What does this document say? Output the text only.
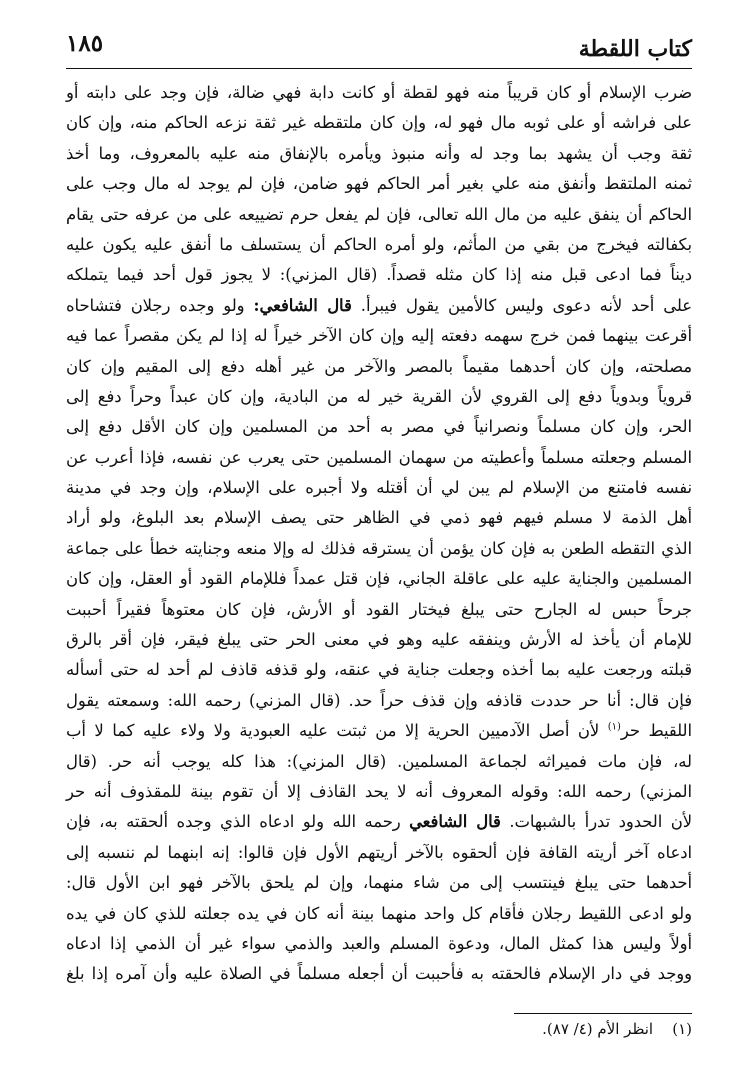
كتاب اللقطة
١٨٥
ضرب الإسلام أو كان قريباً منه فهو لقطة أو كانت دابة فهي ضالة، فإن وجد على دابته أو
على فراشه أو على ثوبه مال فهو له، وإن كان ملتقطه غير ثقة نزعه الحاكم منه، وإن كان
ثقة وجب أن يشهد بما وجد له وأنه منبوذ ويأمره بالإنفاق منه عليه بالمعروف، وما أخذ
ثمنه الملتقط وأنفق منه علي بغير أمر الحاكم فهو ضامن، فإن لم يوجد له مال وجب على
الحاكم أن ينفق عليه من مال الله تعالى، فإن لم يفعل حرم تضييعه على من عرفه حتى يقام
بكفالته فيخرج من بقي من المأثم، ولو أمره الحاكم أن يستسلف ما أنفق عليه يكون عليه
ديناً فما ادعى قبل منه إذا كان مثله قصداً. (قال المزني): لا يجوز قول أحد فيما يتملكه
على أحد لأنه دعوى وليس كالأمين يقول فيبرأ. قال الشافعي: ولو وجده رجلان فتشاحاه
أقرعت بينهما فمن خرج سهمه دفعته إليه وإن كان الآخر خيراً له إذا لم يكن مقصراً عما فيه
مصلحته، وإن كان أحدهما مقيماً بالمصر والآخر من غير أهله دفع إلى المقيم وإن كان
قروياً وبدوياً دفع إلى القروي لأن القرية خير له من البادية، وإن كان عبداً وحراً دفع إلى
الحر، وإن كان مسلماً ونصرانياً في مصر به أحد من المسلمين وإن كان الأقل دفع إلى
المسلم وجعلته مسلماً وأعطيته من سهمان المسلمين حتى يعرب عن نفسه، فإذا أعرب عن
نفسه فامتنع من الإسلام لم يبن لي أن أقتله ولا أجبره على الإسلام، وإن وجد في مدينة
أهل الذمة لا مسلم فيهم فهو ذمي في الظاهر حتى يصف الإسلام بعد البلوغ، ولو أراد
الذي التقطه الطعن به فإن كان يؤمن أن يسترقه فذلك له وإلا منعه وجنايته خطأ على جماعة
المسلمين والجناية عليه على عاقلة الجاني، فإن قتل عمداً فللإمام القود أو العقل، وإن كان
جرحاً حبس له الجارح حتى يبلغ فيختار القود أو الأرش، فإن كان معتوهاً فقيراً أحببت
للإمام أن يأخذ له الأرش وينفقه عليه وهو في معنى الحر حتى يبلغ فيقر، فإن أقر بالرق
قبلته ورجعت عليه بما أخذه وجعلت جناية في عنقه، ولو قذفه قاذف لم أحد له حتى أسأله
فإن قال: أنا حر حددت قاذفه وإن قذف حراً حد. (قال المزني) رحمه الله: وسمعته يقول
اللقيط حر$^{(١)}$ لأن أصل الآدميين الحرية إلا من ثبتت عليه العبودية ولا ولاء عليه كما لا أب
له، فإن مات فميراثه لجماعة المسلمين. (قال المزني): هذا كله يوجب أنه حر. (قال
المزني) رحمه الله: وقوله المعروف أنه لا يحد القاذف إلا أن تقوم بينة للمقذوف أنه حر
لأن الحدود تدرأ بالشبهات. قال الشافعي رحمه الله ولو ادعاه الذي وجده ألحقته به، فإن
ادعاه آخر أريته القافة فإن ألحقوه بالآخر أريتهم الأول فإن قالوا: إنه ابنهما لم ننسبه إلى
أحدهما حتى يبلغ فينتسب إلى من شاء منهما، وإن لم يلحق بالآخر فهو ابن الأول قال:
ولو ادعى اللقيط رجلان فأقام كل واحد منهما بينة أنه كان في يده جعلته للذي كان في يده
أولاً وليس هذا كمثل المال، ودعوة المسلم والعبد والذمي سواء غير أن الذمي إذا ادعاه
ووجد في دار الإسلام فالحقته به فأحببت أن أجعله مسلماً في الصلاة عليه وأن آمره إذا بلغ
(١)    انظر الأم (٤/ ٨٧).
